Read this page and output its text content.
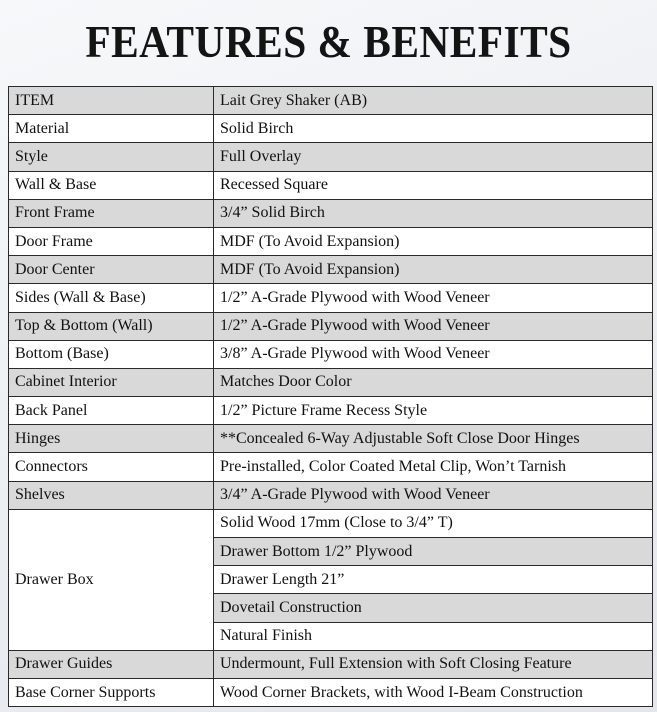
FEATURES & BENEFITS
ITEM	Lait Grey Shaker (AB)
Material	Solid Birch
Style	Full Overlay
Wall & Base	Recessed Square
Front Frame	3/4” Solid Birch
Door Frame	MDF (To Avoid Expansion)
Door Center	MDF (To Avoid Expansion)
Sides (Wall & Base)	1/2” A-Grade Plywood with Wood Veneer
Top & Bottom (Wall)	1/2” A-Grade Plywood with Wood Veneer
Bottom (Base)	3/8” A-Grade Plywood with Wood Veneer
Cabinet Interior	Matches Door Color
Back Panel	1/2” Picture Frame Recess Style
Hinges	**Concealed 6-Way Adjustable Soft Close Door Hinges
Connectors	Pre-installed, Color Coated Metal Clip, Won’t Tarnish
Shelves	3/4” A-Grade Plywood with Wood Veneer
Drawer Box	Solid Wood 17mm (Close to 3/4” T)
	Drawer Bottom 1/2” Plywood
	Drawer Length 21”
	Dovetail Construction
	Natural Finish
Drawer Guides	Undermount, Full Extension with Soft Closing Feature
Base Corner Supports	Wood Corner Brackets, with Wood I-Beam Construction
